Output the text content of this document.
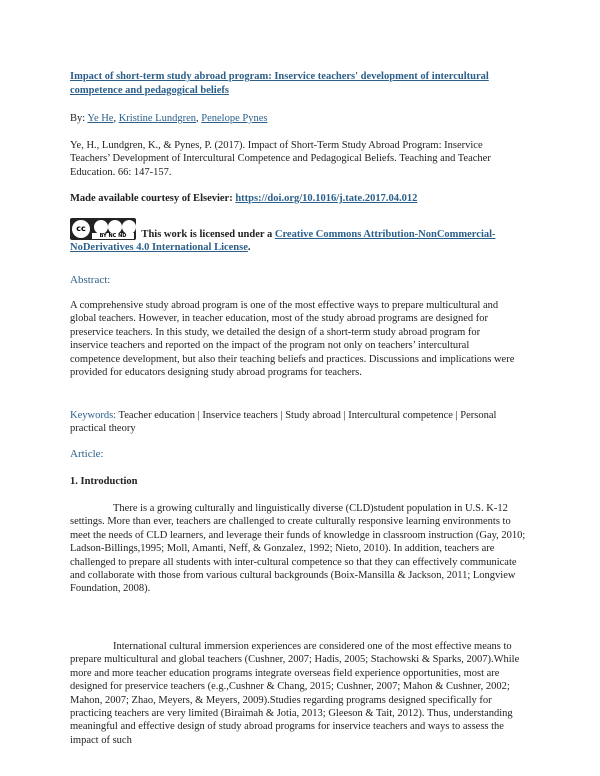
Impact of short-term study abroad program: Inservice teachers' development of intercultural competence and pedagogical beliefs

By: Ye He, Kristine Lundgren, Penelope Pynes

Ye, H., Lundgren, K., & Pynes, P. (2017). Impact of Short-Term Study Abroad Program: Inservice Teachers’ Development of Intercultural Competence and Pedagogical Beliefs. Teaching and Teacher Education. 66: 147-157.

Made available courtesy of Elsevier: https://doi.org/10.1016/j.tate.2017.04.012

cc
BY NC ND	This work is licensed under a Creative Commons Attribution-NonCommercial-NoDerivatives 4.0 International License.

Abstract:

A comprehensive study abroad program is one of the most effective ways to prepare multicultural and global teachers. However, in teacher education, most of the study abroad programs are designed for preservice teachers. In this study, we detailed the design of a short-term study abroad program for inservice teachers and reported on the impact of the program not only on teachers’ intercultural competence development, but also their teaching beliefs and practices. Discussions and implications were provided for educators designing study abroad programs for teachers.

Keywords: Teacher education | Inservice teachers | Study abroad | Intercultural competence | Personal practical theory

Article:

1. Introduction

There is a growing culturally and linguistically diverse (CLD)student population in U.S. K-12 settings. More than ever, teachers are challenged to create culturally responsive learning environments to meet the needs of CLD learners, and leverage their funds of knowledge in classroom instruction (Gay, 2010; Ladson-Billings,1995; Moll, Amanti, Neff, & Gonzalez, 1992; Nieto, 2010). In addition, teachers are challenged to prepare all students with inter-cultural competence so that they can effectively communicate and collaborate with those from various cultural backgrounds (Boix-Mansilla & Jackson, 2011; Longview Foundation, 2008).

International cultural immersion experiences are considered one of the most effective means to prepare multicultural and global teachers (Cushner, 2007; Hadis, 2005; Stachowski & Sparks, 2007).While more and more teacher education programs integrate overseas field experience opportunities, most are designed for preservice teachers (e.g.,Cushner & Chang, 2015; Cushner, 2007; Mahon & Cushner, 2002; Mahon, 2007; Zhao, Meyers, & Meyers, 2009).Studies regarding programs designed specifically for practicing teachers are very limited (Biraimah & Jotia, 2013; Gleeson & Tait, 2012). Thus, understanding meaningful and effective design of study abroad programs for inservice teachers and ways to assess the impact of such
